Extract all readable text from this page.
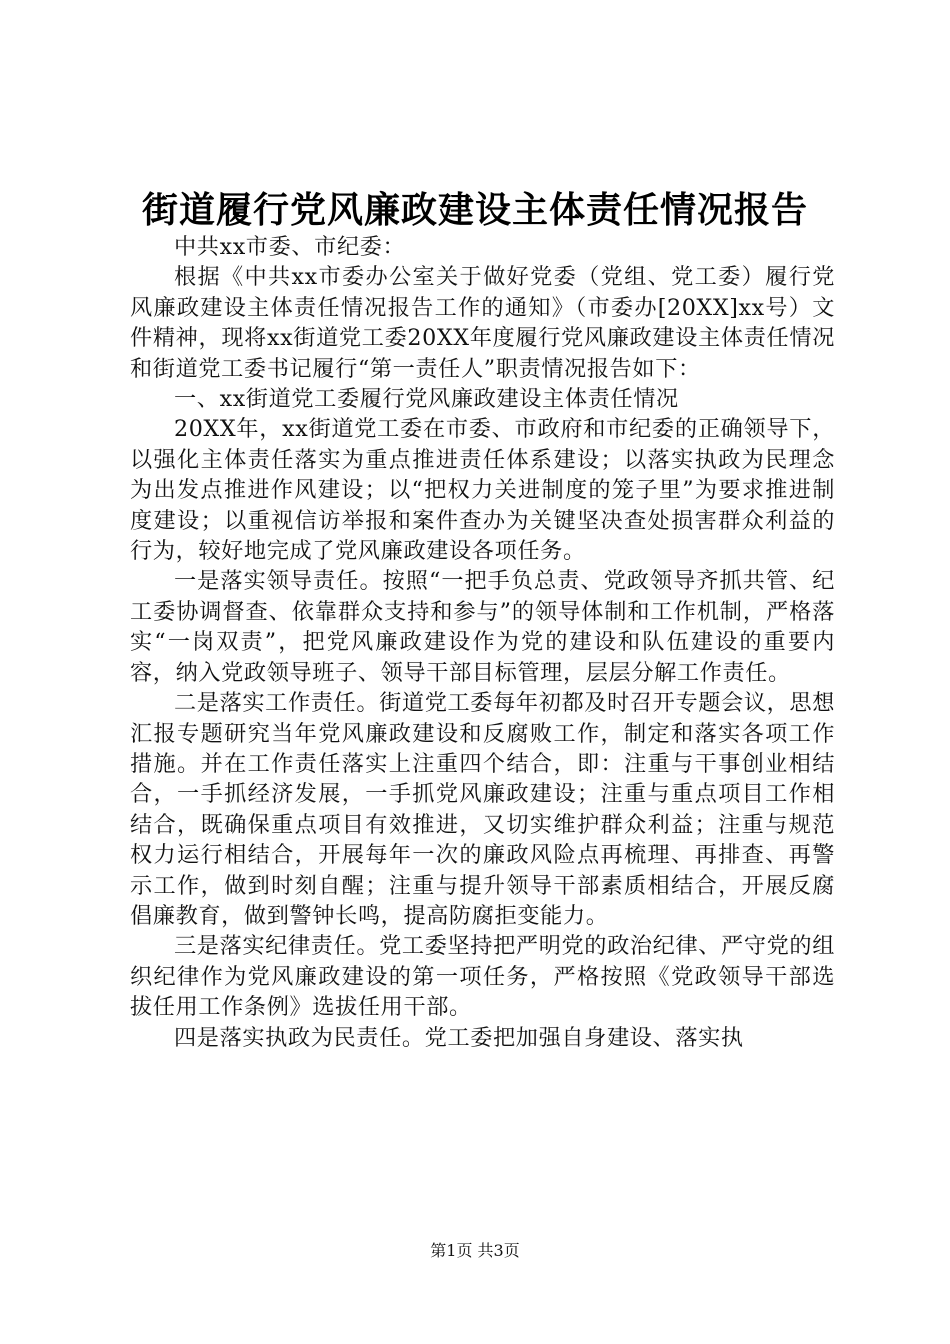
街道履行党风廉政建设主体责任情况报告

中共xx市委、市纪委：

根据《中共xx市委办公室关于做好党委（党组、党工委）履行党风廉政建设主体责任情况报告工作的通知》（市委办[20XX]xx号）文件精神，现将xx街道党工委20XX年度履行党风廉政建设主体责任情况和街道党工委书记履行“第一责任人”职责情况报告如下：

一、xx街道党工委履行党风廉政建设主体责任情况

20XX年，xx街道党工委在市委、市政府和市纪委的正确领导下，以强化主体责任落实为重点推进责任体系建设；以落实执政为民理念为出发点推进作风建设；以“把权力关进制度的笼子里”为要求推进制度建设；以重视信访举报和案件查办为关键坚决查处损害群众利益的行为，较好地完成了党风廉政建设各项任务。

一是落实领导责任。按照“一把手负总责、党政领导齐抓共管、纪工委协调督查、依靠群众支持和参与”的领导体制和工作机制，严格落实“一岗双责”，把党风廉政建设作为党的建设和队伍建设的重要内容，纳入党政领导班子、领导干部目标管理，层层分解工作责任。

二是落实工作责任。街道党工委每年初都及时召开专题会议，思想汇报专题研究当年党风廉政建设和反腐败工作，制定和落实各项工作措施。并在工作责任落实上注重四个结合，即：注重与干事创业相结合，一手抓经济发展，一手抓党风廉政建设；注重与重点项目工作相结合，既确保重点项目有效推进，又切实维护群众利益；注重与规范权力运行相结合，开展每年一次的廉政风险点再梳理、再排查、再警示工作，做到时刻自醒；注重与提升领导干部素质相结合，开展反腐倡廉教育，做到警钟长鸣，提高防腐拒变能力。

三是落实纪律责任。党工委坚持把严明党的政治纪律、严守党的组织纪律作为党风廉政建设的第一项任务，严格按照《党政领导干部选拔任用工作条例》选拔任用干部。

四是落实执政为民责任。党工委把加强自身建设、落实执

第1页 共3页
